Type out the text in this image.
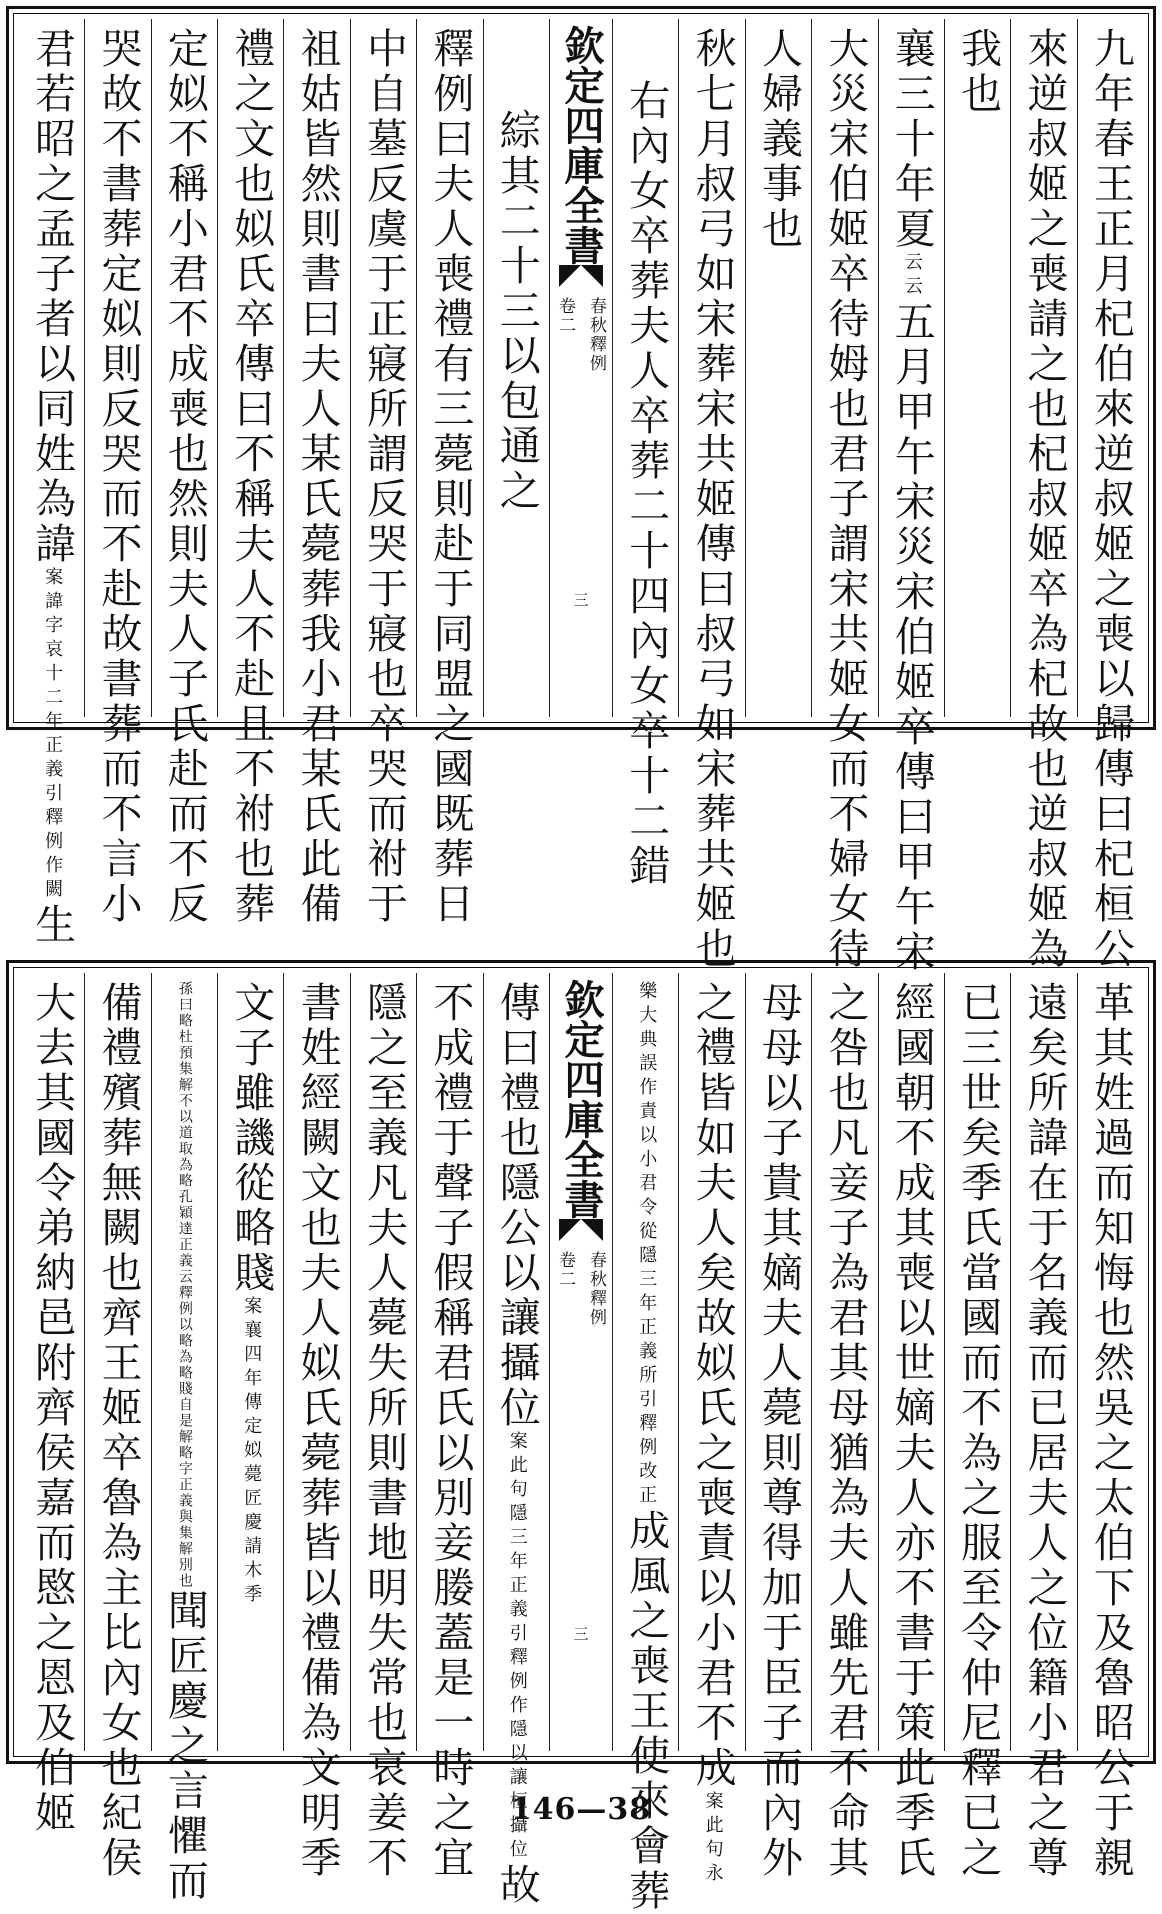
九年春王正月杞伯來逆叔姬之喪以歸傳曰杞桓公
來逆叔姬之喪請之也杞叔姬卒為杞故也逆叔姬為
我也
襄三十年夏云云五月甲午宋災宋伯姬卒傳曰甲午宋
大災宋伯姬卒待姆也君子謂宋共姬女而不婦女待
人婦義事也
秋七月叔弓如宋葬宋共姬傳曰叔弓如宋葬共姬也
右內女卒葬夫人卒葬二十四內女卒十二錯
欽定四庫全書
春秋釋例
卷二
三
綜其二十三以包通之
釋例曰夫人喪禮有三薨則赴于同盟之國既葬日
中自墓反虞于正寢所謂反哭于寢也卒哭而祔于
祖姑皆然則書曰夫人某氏薨葬我小君某氏此備
禮之文也姒氏卒傳曰不稱夫人不赴且不祔也葬
定姒不稱小君不成喪也然則夫人子氏赴而不反
哭故不書葬定姒則反哭而不赴故書葬而不言小
君若昭之孟子者以同姓為諱案諱字哀十二年正義引釋例作闕生
革其姓過而知悔也然吳之太伯下及魯昭公于親
遠矣所諱在于名義而已居夫人之位籍小君之尊
已三世矣季氏當國而不為之服至令仲尼釋已之
經國朝不成其喪以世嫡夫人亦不書于策此季氏
之咎也凡妾子為君其母猶為夫人雖先君不命其
母母以子貴其嫡夫人薨則尊得加于臣子而內外
之禮皆如夫人矣故姒氏之喪責以小君不成案此句永
樂大典誤作責以小君令從隱三年正義所引釋例改正成風之喪王使來會葬
欽定四庫全書
春秋釋例
卷二
三
傳曰禮也隱公以讓攝位案此句隱三年正義引釋例作隱以讓桓攝位故
不成禮于聲子假稱君氏以別妾媵蓋是一時之宜
隱之至義凡夫人薨失所則書地明失常也哀姜不
書姓經闕文也夫人姒氏薨葬皆以禮備為文明季
文子雖譏從略賤案襄四年傳定姒薨匠慶請木季
孫曰略杜預集解不以道取為略孔穎達正義云釋例以略為略賤自是解略字正義與集解別也聞匠慶之言懼而
備禮殯葬無闕也齊王姬卒魯為主比內女也紀侯
大去其國令弟納邑附齊侯嘉而愍之恩及伯姬	146—38
